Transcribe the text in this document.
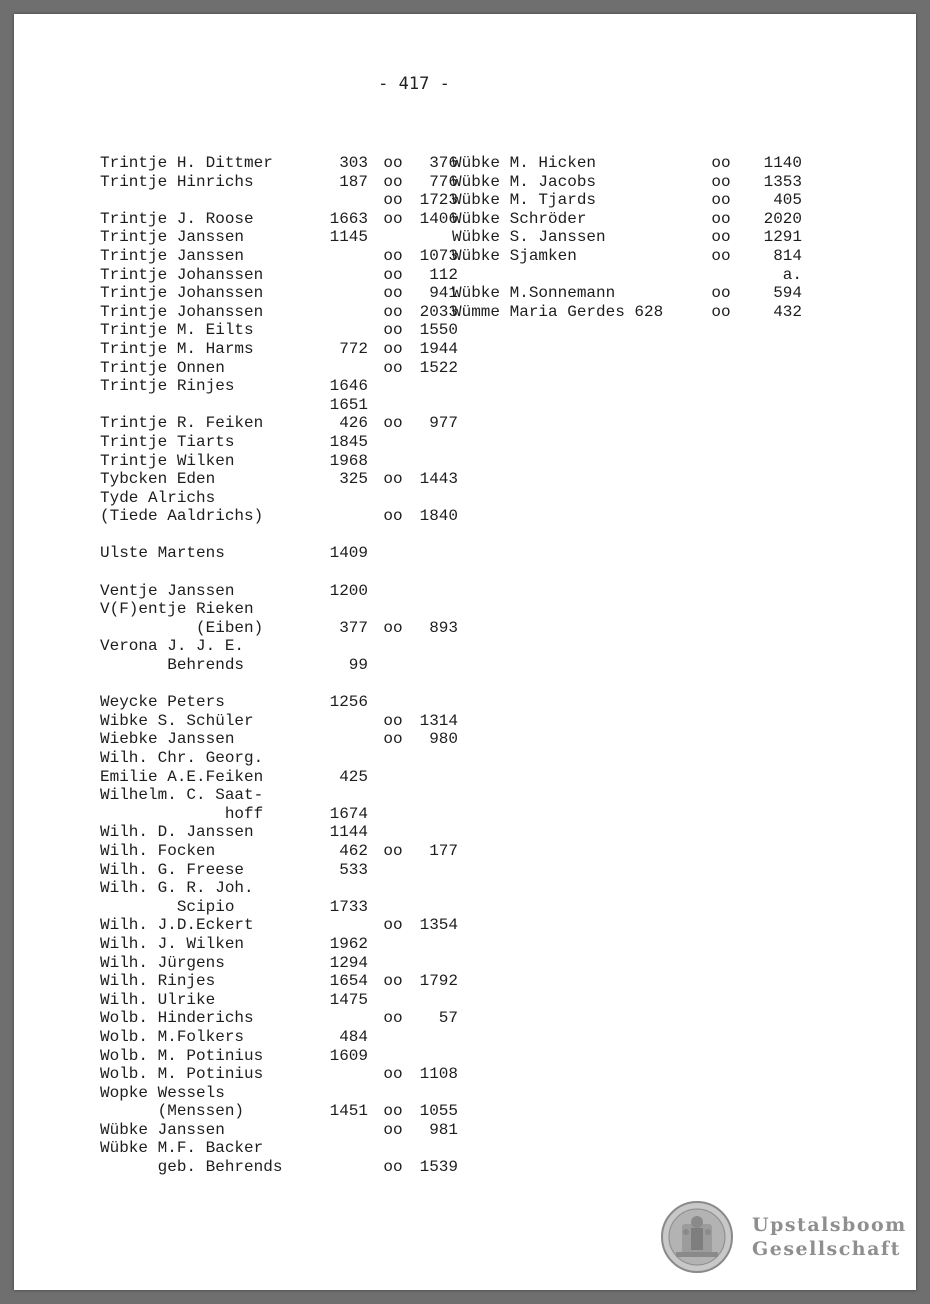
- 417 -
Trintje H. Dittmer	303 oo 376
Trintje Hinrichs	187 oo 776
oo 1723
Trintje J. Roose	1663 oo 1406
Trintje Janssen	1145
Trintje Janssen	oo 1073
Trintje Johanssen	oo 112
Trintje Johanssen	oo 941
Trintje Johanssen	oo 2033
Trintje M. Eilts	oo 1550
Trintje M. Harms	772 oo 1944
Trintje Onnen	oo 1522
Trintje Rinjes	1646
1651
Trintje R. Feiken	426 oo 977
Trintje Tiarts	1845
Trintje Wilken	1968
Tybcken Eden	325 oo 1443
Tyde Alrichs
(Tiede Aaldrichs)	oo 1840
Ulste Martens	1409
Ventje Janssen	1200
V(F)entje Rieken
(Eiben)	377 oo 893
Verona J. J. E.
Behrends	99
Weycke Peters	1256
Wibke S. Schüler	oo 1314
Wiebke Janssen	oo 980
Wilh. Chr. Georg.
Emilie A.E.Feiken	425
Wilhelm. C. Saat-
hoff	1674
Wilh. D. Janssen	1144
Wilh. Focken	462 oo 177
Wilh. G. Freese	533
Wilh. G. R. Joh.
Scipio	1733
Wilh. J.D.Eckert	oo 1354
Wilh. J. Wilken	1962
Wilh. Jürgens	1294
Wilh. Rinjes	1654 oo 1792
Wilh. Ulrike	1475
Wolb. Hinderichs	oo 57
Wolb. M.Folkers	484
Wolb. M. Potinius	1609
Wolb. M. Potinius	oo 1108
Wopke Wessels
(Menssen)	1451 oo 1055
Wübke Janssen	oo 981
Wübke M.F. Backer
geb. Behrends	oo 1539
Wübke M. Hicken	oo 1140
Wübke M. Jacobs	oo 1353
Wübke M. Tjards	oo	405
Wübke Schröder	oo 2020
Wübke S. Janssen	oo 1291
Wübke Sjamken	oo	814
a.
Wübke M.Sonnemann	oo	594
Wümme Maria Gerdes 628	oo	432
Upstalsboom
Gesellschaft
